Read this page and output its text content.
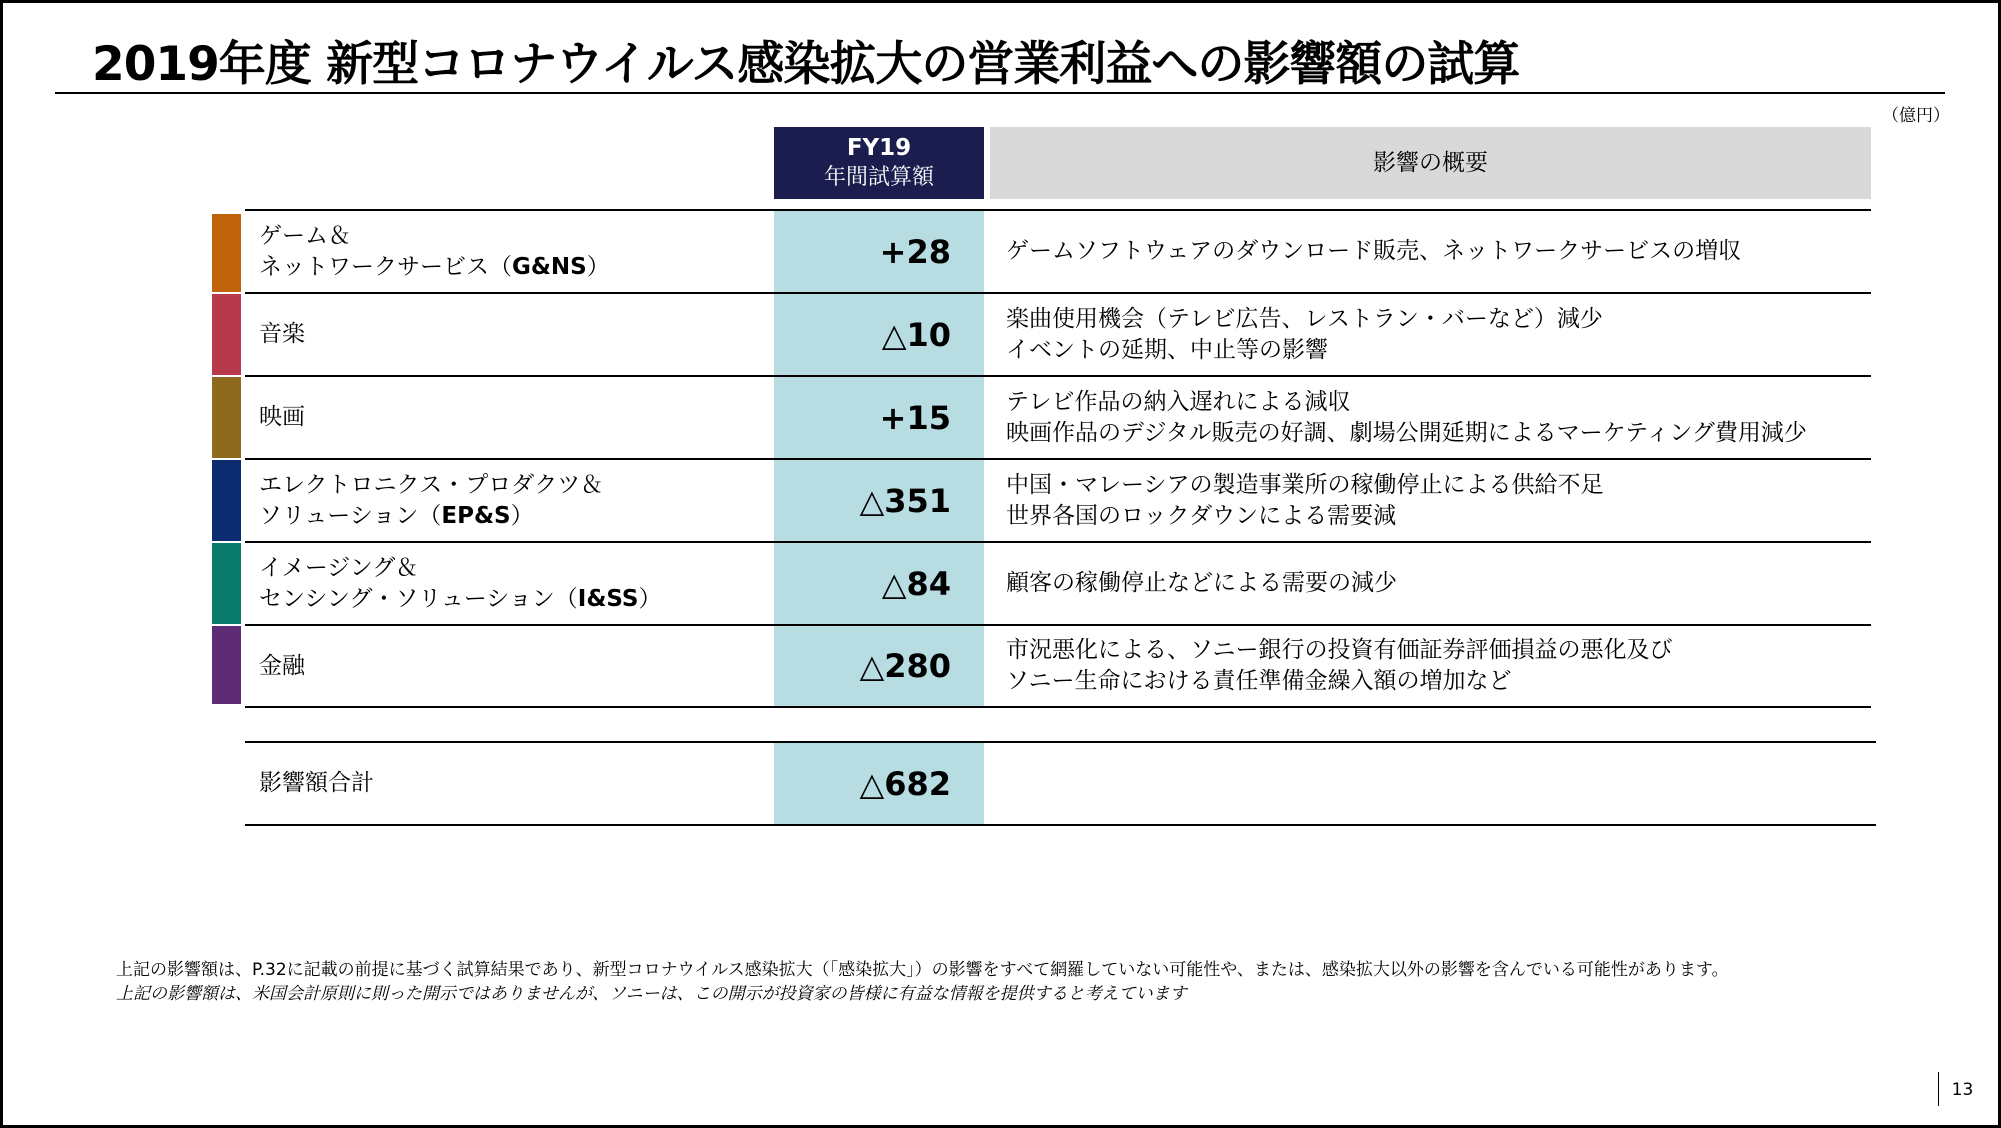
2019年度 新型コロナウイルス感染拡大の営業利益への影響額の試算
（億円）
FY19
年間試算額
影響の概要
ゲーム＆
ネットワークサービス（G&NS）	+28 ゲームソフトウェアのダウンロード販売、ネットワークサービスの増収
音楽	△10 楽曲使用機会（テレビ広告、レストラン・バーなど）減少
イベントの延期、中止等の影響
映画	+15 テレビ作品の納入遅れによる減収
映画作品のデジタル販売の好調、劇場公開延期によるマーケティング費用減少
エレクトロニクス・プロダクツ＆
ソリューション（EP&S）	△351 中国・マレーシアの製造事業所の稼働停止による供給不足
世界各国のロックダウンによる需要減
イメージング＆
センシング・ソリューション（I&SS）	△84 顧客の稼働停止などによる需要の減少
金融	△280 市況悪化による、ソニー銀行の投資有価証券評価損益の悪化及び
ソニー生命における責任準備金繰入額の増加など
影響額合計	△682
上記の影響額は、P.32に記載の前提に基づく試算結果であり、新型コロナウイルス感染拡大（「感染拡大」）の影響をすべて網羅していない可能性や、または、感染拡大以外の影響を含んでいる可能性があります。
上記の影響額は、米国会計原則に則った開示ではありませんが、ソニーは、この開示が投資家の皆様に有益な情報を提供すると考えています
13
